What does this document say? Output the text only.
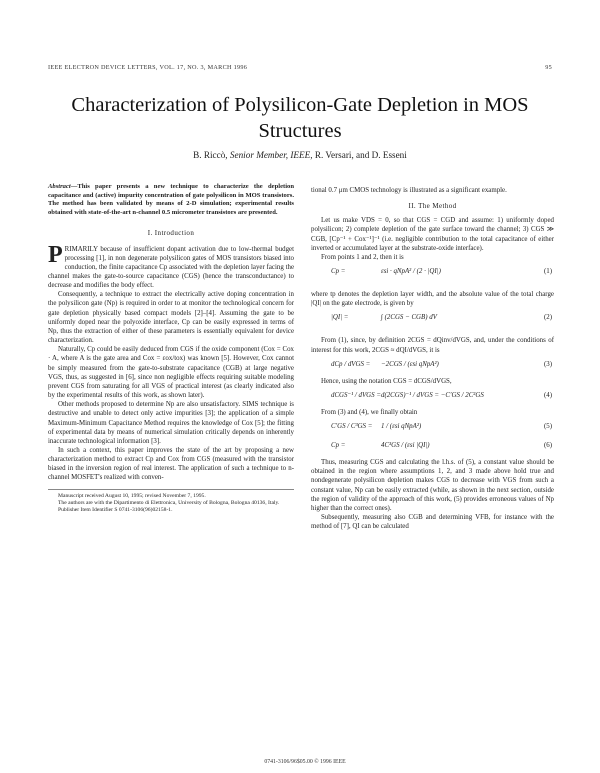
IEEE ELECTRON DEVICE LETTERS, VOL. 17, NO. 3, MARCH 1996	95
Characterization of Polysilicon-Gate Depletion in MOS Structures
B. Riccò, Senior Member, IEEE, R. Versari, and D. Esseni

Abstract—This paper presents a new technique to characterize the depletion capacitance and (active) impurity concentration of gate polysilicon in MOS transistors. The method has been validated by means of 2-D simulation; experimental results obtained with state-of-the-art n-channel 0.5 micrometer transistors are presented.

I. Introduction

PRIMARILY because of insufficient dopant activation due to low-thermal budget processing [1], in non degenerate polysilicon gates of MOS transistors biased into conduction, the finite capacitance Cp associated with the depletion layer facing the channel makes the gate-to-source capacitance (CGS) (hence the transconductance) to decrease and modifies the body effect.

Consequently, a technique to extract the electrically active doping concentration in the polysilicon gate (Np) is required in order to at monitor the technological concern for gate depletion physically based compact models [2]–[4]. Assuming the gate to be uniformly doped near the polyoxide interface, Cp can be easily expressed in terms of Np, thus the extraction of either of these parameters is essentially equivalent for device characterization.

Naturally, Cp could be easily deduced from CGS if the oxide component (Cox = Cox · A, where A is the gate area and Cox = εox/tox) was known [5]. However, Cox cannot be simply measured from the gate-to-substrate capacitance (CGB) at large negative VGS, thus, as suggested in [6], since non negligible effects requiring suitable modeling prevent CGS from saturating for all VGS of practical interest (as clearly indicated also by the experimental results of this work, as shown later).

Other methods proposed to determine Np are also unsatisfactory. SIMS technique is destructive and unable to detect only active impurities [3]; the application of a simple Maximum-Minimum Capacitance Method requires the knowledge of Cox [5]; the fitting of experimental data by means of numerical simulation critically depends on inherently inaccurate technological information [3].

In such a context, this paper improves the state of the art by proposing a new characterization method to extract Cp and Cox from CGS (measured with the transistor biased in the inversion region of real interest. The application of such a technique to n-channel MOSFET's realized with conven-

Manuscript received August 10, 1995; revised November 7, 1995.

The authors are with the Dipartimento di Elettronica, University of Bologna, Bologna 40136, Italy.

Publisher Item Identifier S 0741-3106(96)02158-1.

tional 0.7 μm CMOS technology is illustrated as a significant example.

II. The Method

Let us make VDS = 0, so that CGS = CGD and assume: 1) uniformly doped polysilicon; 2) complete depletion of the gate surface toward the channel; 3) CGS ≫ CGB, [Cp⁻¹ + Cox⁻¹]⁻¹ (i.e. negligible contribution to the total capacitance of either inverted or accumulated layer at the substrate-oxide interface).

From points 1 and 2, then it is

Cp =	εsi · qNpA² / (2 · |QI|)	(1)

where tp denotes the depletion layer width, and the absolute value of the total charge |QI| on the gate electrode, is given by

|QI| =	∫ (2CGS − CGB) dV	(2)

From (1), since, by definition 2CGS = dQinv/dVGS, and, under the conditions of interest for this work, 2CGS ≈ dQI/dVGS, it is

dCp / dVGS = −2CGS / (εsi qNpA²)	(3)

Hence, using the notation CGS = dCGS/dVGS,

dCGS⁻¹ / dVGS = d(2CGS)⁻¹ / dVGS = −C′GS / 2C²GS	(4)

From (3) and (4), we finally obtain

C′GS / C³GS = 1 / (εsi qNpA²)	(5)
Cp =	4C³GS / (εsi |QI|)	(6)

Thus, measuring CGS and calculating the l.h.s. of (5), a constant value should be obtained in the region where assumptions 1, 2, and 3 made above hold true and nondegenerate polysilicon depletion makes CGS to decrease with VGS from such a constant value, Np can be easily extracted (while, as shown in the next section, outside the region of validity of the approach of this work, (5) provides erroneous values of Np higher than the correct ones).

Subsequently, measuring also CGB and determining VFB, for instance with the method of [7], QI can be calculated

0741-3106/96$05.00 © 1996 IEEE
